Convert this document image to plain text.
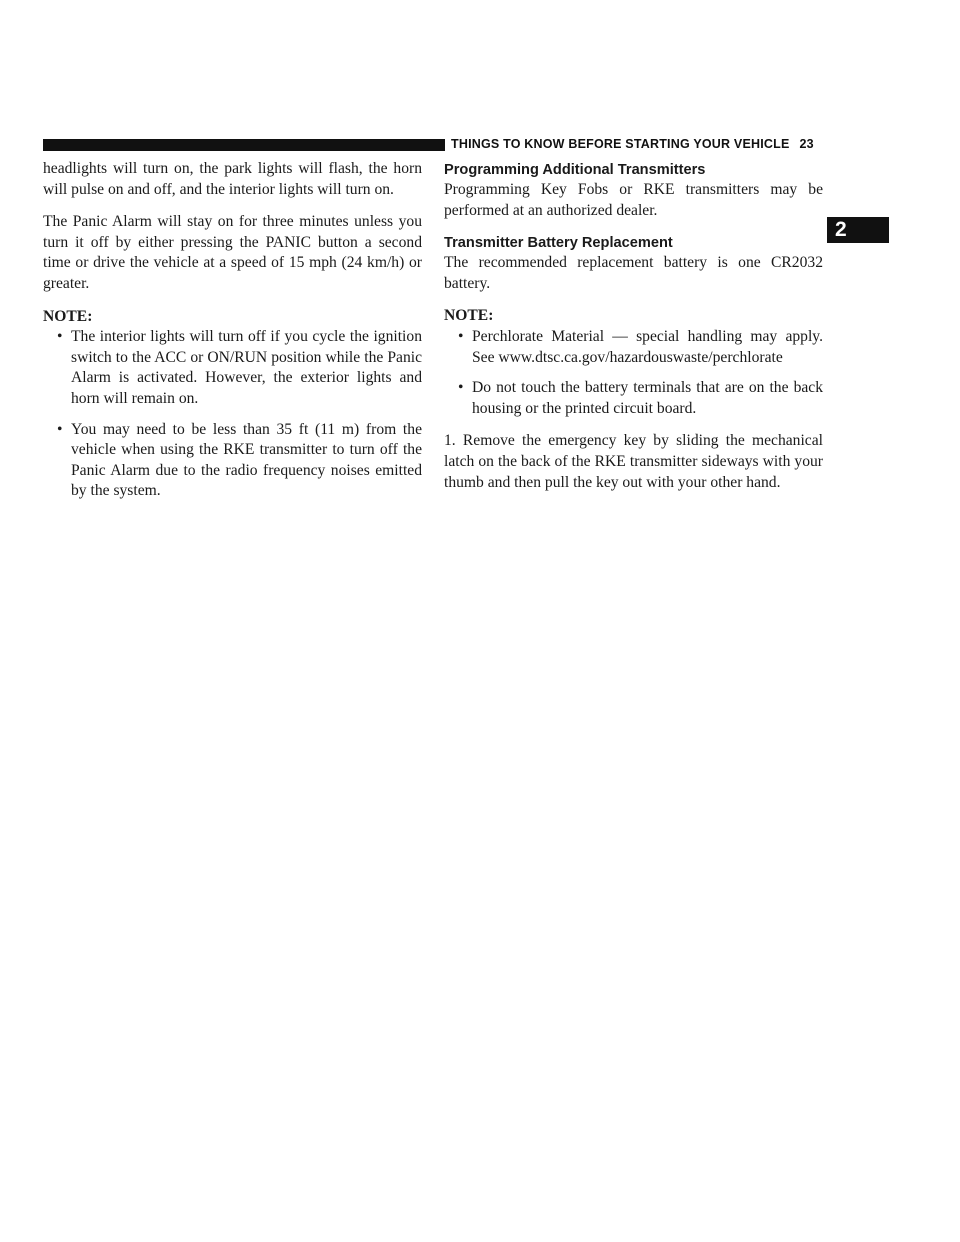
THINGS TO KNOW BEFORE STARTING YOUR VEHICLE 23
2

headlights will turn on, the park lights will flash, the horn will pulse on and off, and the interior lights will turn on.

The Panic Alarm will stay on for three minutes unless you turn it off by either pressing the PANIC button a second time or drive the vehicle at a speed of 15 mph (24 km/h) or greater.

NOTE:
• The interior lights will turn off if you cycle the ignition switch to the ACC or ON/RUN position while the Panic Alarm is activated. However, the exterior lights and horn will remain on.
• You may need to be less than 35 ft (11 m) from the vehicle when using the RKE transmitter to turn off the Panic Alarm due to the radio frequency noises emitted by the system.
Programming Additional Transmitters

Programming Key Fobs or RKE transmitters may be performed at an authorized dealer.

Transmitter Battery Replacement

The recommended replacement battery is one CR2032 battery.

NOTE:
• Perchlorate Material — special handling may apply. See www.dtsc.ca.gov/hazardouswaste/perchlorate
• Do not touch the battery terminals that are on the back housing or the printed circuit board.

1. Remove the emergency key by sliding the mechanical latch on the back of the RKE transmitter sideways with your thumb and then pull the key out with your other hand.
